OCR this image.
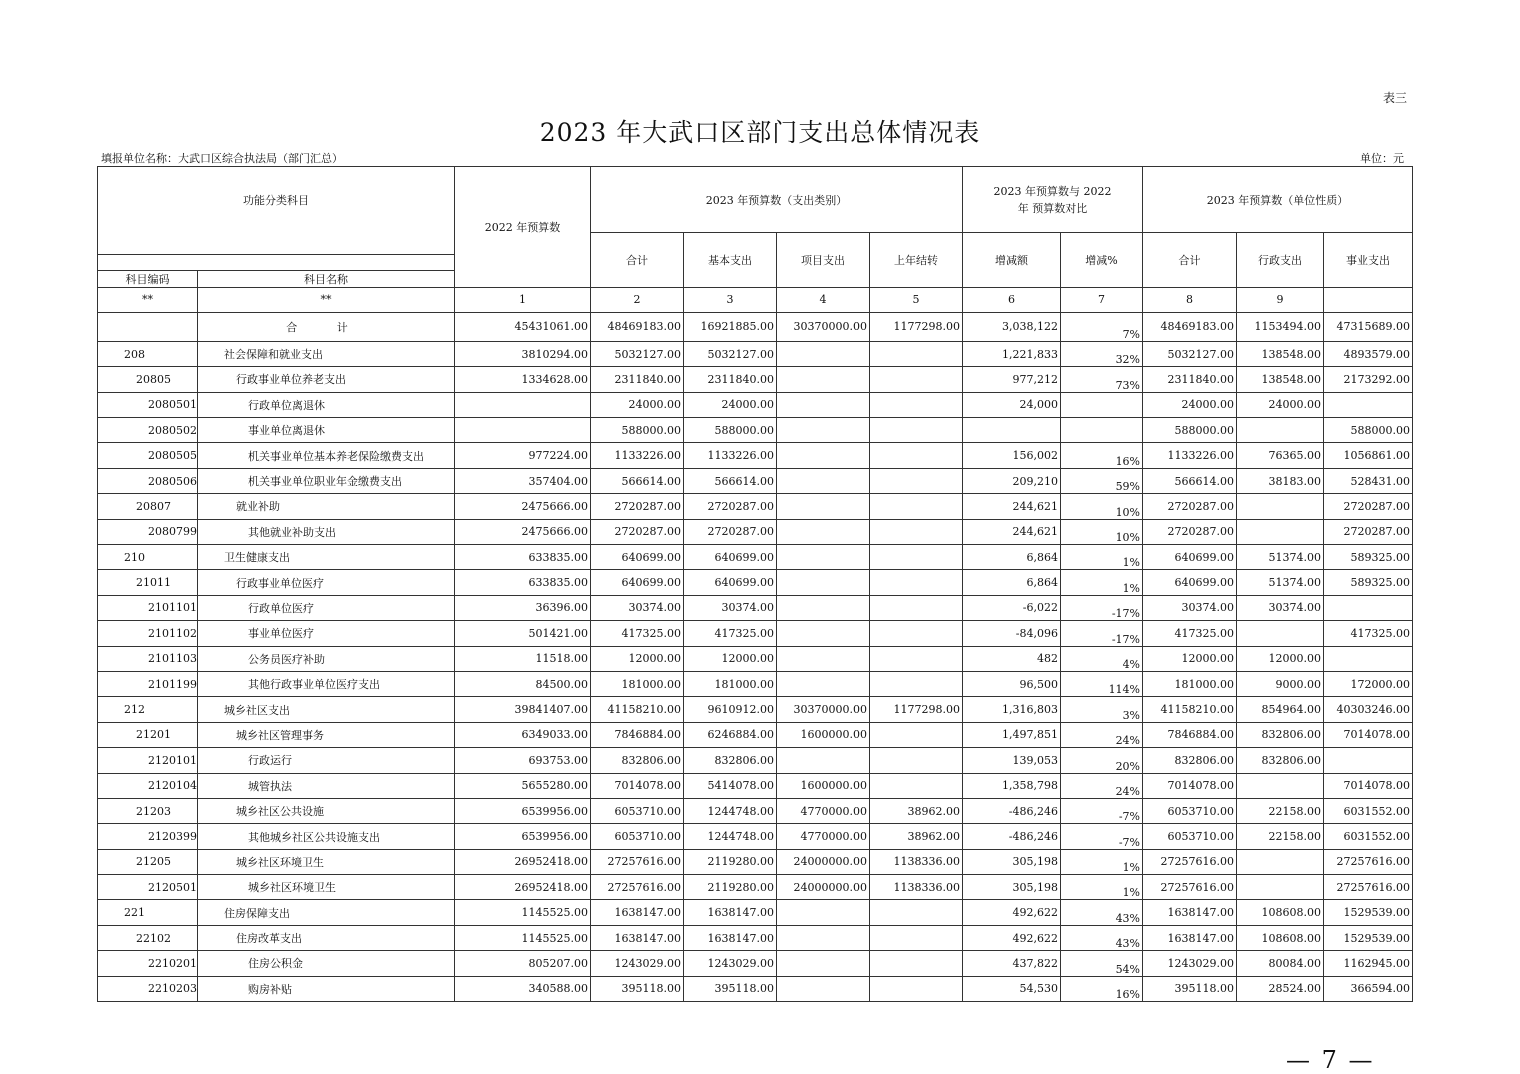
表三
2023 年大武口区部门支出总体情况表
填报单位名称：大武口区综合执法局（部门汇总）	单位：元
功能分类科目		2022 年预算数	2023 年预算数（支出类别）				2023 年预算数与 2022
年 预算数对比		2023 年预算数（单位性质）		

			合计	基本支出	项目支出	上年结转	增减额	增减%	合计	行政支出	事业支出
科目编码	科目名称										
**	**	1	2	3	4	5	6	7	8	9	
	合 计	45431061.00	48469183.00	16921885.00	30370000.00	1177298.00	3,038,122	7%	48469183.00	1153494.00	47315689.00
208	社会保障和就业支出	3810294.00	5032127.00	5032127.00			1,221,833	32%	5032127.00	138548.00	4893579.00
20805	行政事业单位养老支出	1334628.00	2311840.00	2311840.00			977,212	73%	2311840.00	138548.00	2173292.00
2080501	行政单位离退休		24000.00	24000.00			24,000		24000.00	24000.00	
2080502	事业单位离退休		588000.00	588000.00					588000.00		588000.00
2080505	机关事业单位基本养老保险缴费支出	977224.00	1133226.00	1133226.00			156,002	16%	1133226.00	76365.00	1056861.00
2080506	机关事业单位职业年金缴费支出	357404.00	566614.00	566614.00			209,210	59%	566614.00	38183.00	528431.00
20807	就业补助	2475666.00	2720287.00	2720287.00			244,621	10%	2720287.00		2720287.00
2080799	其他就业补助支出	2475666.00	2720287.00	2720287.00			244,621	10%	2720287.00		2720287.00
210	卫生健康支出	633835.00	640699.00	640699.00			6,864	1%	640699.00	51374.00	589325.00
21011	行政事业单位医疗	633835.00	640699.00	640699.00			6,864	1%	640699.00	51374.00	589325.00
2101101	行政单位医疗	36396.00	30374.00	30374.00			-6,022	-17%	30374.00	30374.00	
2101102	事业单位医疗	501421.00	417325.00	417325.00			-84,096	-17%	417325.00		417325.00
2101103	公务员医疗补助	11518.00	12000.00	12000.00			482	4%	12000.00	12000.00	
2101199	其他行政事业单位医疗支出	84500.00	181000.00	181000.00			96,500	114%	181000.00	9000.00	172000.00
212	城乡社区支出	39841407.00	41158210.00	9610912.00	30370000.00	1177298.00	1,316,803	3%	41158210.00	854964.00	40303246.00
21201	城乡社区管理事务	6349033.00	7846884.00	6246884.00	1600000.00		1,497,851	24%	7846884.00	832806.00	7014078.00
2120101	行政运行	693753.00	832806.00	832806.00			139,053	20%	832806.00	832806.00	
2120104	城管执法	5655280.00	7014078.00	5414078.00	1600000.00		1,358,798	24%	7014078.00		7014078.00
21203	城乡社区公共设施	6539956.00	6053710.00	1244748.00	4770000.00	38962.00	-486,246	-7%	6053710.00	22158.00	6031552.00
2120399	其他城乡社区公共设施支出	6539956.00	6053710.00	1244748.00	4770000.00	38962.00	-486,246	-7%	6053710.00	22158.00	6031552.00
21205	城乡社区环境卫生	26952418.00	27257616.00	2119280.00	24000000.00	1138336.00	305,198	1%	27257616.00		27257616.00
2120501	城乡社区环境卫生	26952418.00	27257616.00	2119280.00	24000000.00	1138336.00	305,198	1%	27257616.00		27257616.00
221	住房保障支出	1145525.00	1638147.00	1638147.00			492,622	43%	1638147.00	108608.00	1529539.00
22102	住房改革支出	1145525.00	1638147.00	1638147.00			492,622	43%	1638147.00	108608.00	1529539.00
2210201	住房公积金	805207.00	1243029.00	1243029.00			437,822	54%	1243029.00	80084.00	1162945.00
2210203	购房补贴	340588.00	395118.00	395118.00			54,530	16%	395118.00	28524.00	366594.00
— 7 —
